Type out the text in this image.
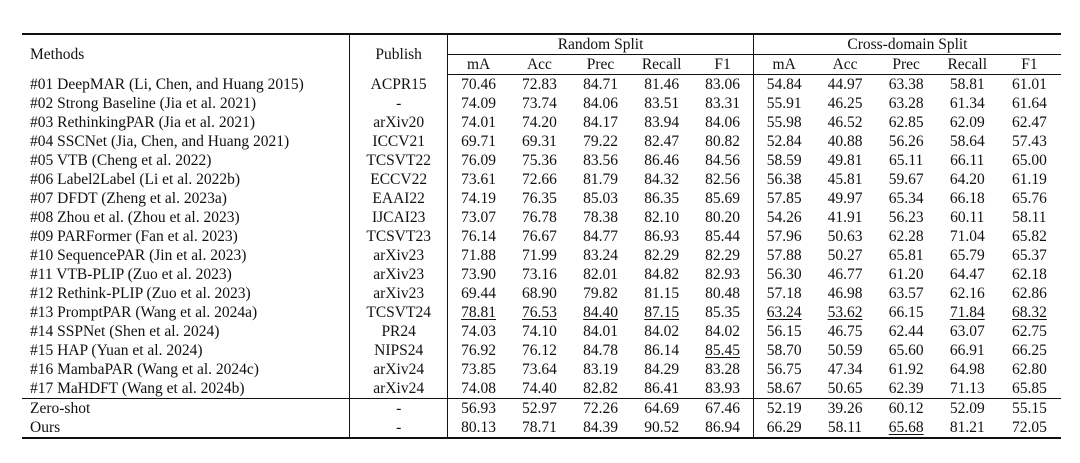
Methods	Publish	Random Split					Cross-domain Split				
		mA	Acc	Prec	Recall	F1	mA	Acc	Prec	Recall	F1
#01 DeepMAR (Li, Chen, and Huang 2015)	ACPR15	70.46	72.83	84.71	81.46	83.06	54.84	44.97	63.38	58.81	61.01
#02 Strong Baseline (Jia et al. 2021)	-	74.09	73.74	84.06	83.51	83.31	55.91	46.25	63.28	61.34	61.64
#03 RethinkingPAR (Jia et al. 2021)	arXiv20	74.01	74.20	84.17	83.94	84.06	55.98	46.52	62.85	62.09	62.47
#04 SSCNet (Jia, Chen, and Huang 2021)	ICCV21	69.71	69.31	79.22	82.47	80.82	52.84	40.88	56.26	58.64	57.43
#05 VTB (Cheng et al. 2022)	TCSVT22	76.09	75.36	83.56	86.46	84.56	58.59	49.81	65.11	66.11	65.00
#06 Label2Label (Li et al. 2022b)	ECCV22	73.61	72.66	81.79	84.32	82.56	56.38	45.81	59.67	64.20	61.19
#07 DFDT (Zheng et al. 2023a)	EAAI22	74.19	76.35	85.03	86.35	85.69	57.85	49.97	65.34	66.18	65.76
#08 Zhou et al. (Zhou et al. 2023)	IJCAI23	73.07	76.78	78.38	82.10	80.20	54.26	41.91	56.23	60.11	58.11
#09 PARFormer (Fan et al. 2023)	TCSVT23	76.14	76.67	84.77	86.93	85.44	57.96	50.63	62.28	71.04	65.82
#10 SequencePAR (Jin et al. 2023)	arXiv23	71.88	71.99	83.24	82.29	82.29	57.88	50.27	65.81	65.79	65.37
#11 VTB-PLIP (Zuo et al. 2023)	arXiv23	73.90	73.16	82.01	84.82	82.93	56.30	46.77	61.20	64.47	62.18
#12 Rethink-PLIP (Zuo et al. 2023)	arXiv23	69.44	68.90	79.82	81.15	80.48	57.18	46.98	63.57	62.16	62.86
#13 PromptPAR (Wang et al. 2024a)	TCSVT24	78.81	76.53	84.40	87.15	85.35	63.24	53.62	66.15	71.84	68.32
#14 SSPNet (Shen et al. 2024)	PR24	74.03	74.10	84.01	84.02	84.02	56.15	46.75	62.44	63.07	62.75
#15 HAP (Yuan et al. 2024)	NIPS24	76.92	76.12	84.78	86.14	85.45	58.70	50.59	65.60	66.91	66.25
#16 MambaPAR (Wang et al. 2024c)	arXiv24	73.85	73.64	83.19	84.29	83.28	56.75	47.34	61.92	64.98	62.80
#17 MaHDFT (Wang et al. 2024b)	arXiv24	74.08	74.40	82.82	86.41	83.93	58.67	50.65	62.39	71.13	65.85
Zero-shot	-	56.93	52.97	72.26	64.69	67.46	52.19	39.26	60.12	52.09	55.15
Ours	-	80.13	78.71	84.39	90.52	86.94	66.29	58.11	65.68	81.21	72.05
